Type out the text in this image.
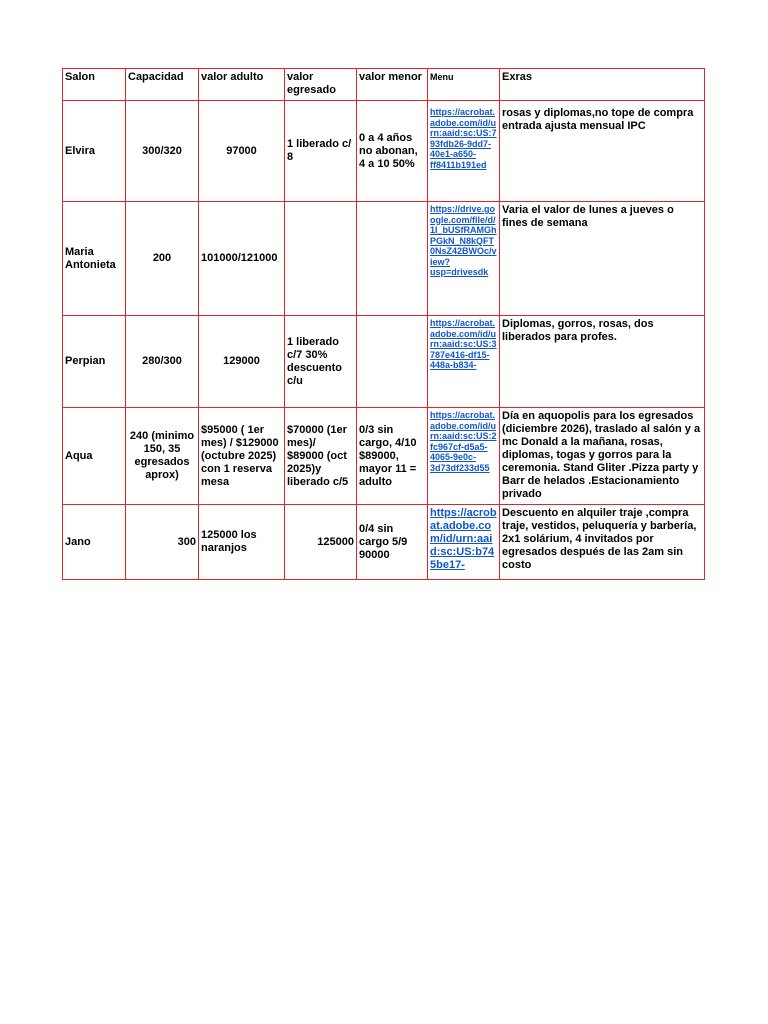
Salon	Capacidad	valor adulto	valor egresado	valor menor	Menu	Exras
Elvira	300/320	97000	1 liberado c/ 8	0 a 4 años no abonan, 4 a 10 50%	https://acrobat.adobe.com/id/urn:aaid:sc:US:793fdb26-9dd7-40e1-a650-ff8411b191ed	rosas y diplomas,no tope de compra entrada ajusta mensual IPC

Maria Antonieta	200	101000/121000			https://drive.google.com/file/d/1l_bUSfRAMGhPGkN_N8kQFT0NsZ42BWOc/view?usp=drivesdk	Varia el valor de lunes a jueves o fines de semana
Perpian	280/300	129000	1 liberado c/7 30% descuento c/u		https://acrobat.adobe.com/id/urn:aaid:sc:US:3787e416-df15-448a-b834-	Diplomas, gorros, rosas, dos liberados para profes.
Aqua	240 (minimo 150, 35 egresados aprox)	$95000 ( 1er mes) / $129000 (octubre 2025) con 1 reserva mesa	$70000 (1er mes)/ $89000 (oct 2025)y liberado c/5	0/3 sin cargo, 4/10 $89000, mayor 11 = adulto	https://acrobat.adobe.com/id/urn:aaid:sc:US:2fc967cf-d5a5-4065-9e0c-3d73df233d55	Día en aquopolis para los egresados (diciembre 2026), traslado al salón y a mc Donald a la mañana, rosas, diplomas, togas y gorros para la ceremonia. Stand Gliter .Pizza party y Barr de helados .Estacionamiento privado
Jano	300	125000 los naranjos	125000	0/4 sin cargo 5/9 90000	https://acrobat.adobe.com/id/urn:aaid:sc:US:b745be17-	Descuento en alquiler traje ,compra traje, vestidos, peluquería y barbería, 2x1 solárium, 4 invitados por egresados después de las 2am sin costo
